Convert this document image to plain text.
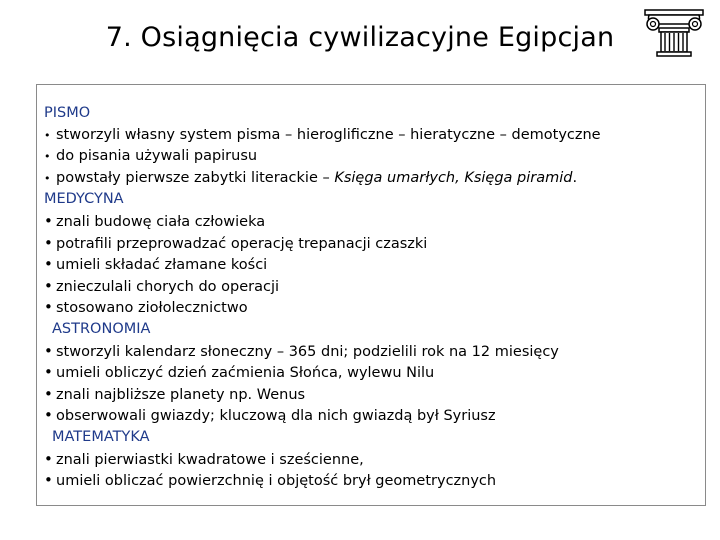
7. Osiągnięcia cywilizacyjne Egipcjan
PISMO
• stworzyli własny system pisma – hieroglificzne – hieratyczne – demotyczne
• do pisania używali papirusu
• powstały pierwsze zabytki literackie – Księga umarłych, Księga piramid.
MEDYCYNA
• znali budowę ciała człowieka
• potrafili przeprowadzać operację trepanacji czaszki
• umieli składać złamane kości
• znieczulali chorych do operacji
• stosowano ziołolecznictwo
ASTRONOMIA
• stworzyli kalendarz słoneczny – 365 dni; podzielili rok na 12 miesięcy
• umieli obliczyć dzień zaćmienia Słońca, wylewu Nilu
• znali najbliższe planety np. Wenus
• obserwowali gwiazdy; kluczową dla nich gwiazdą był Syriusz
MATEMATYKA
• znali pierwiastki kwadratowe i sześcienne,
• umieli obliczać powierzchnię i objętość brył geometrycznych
